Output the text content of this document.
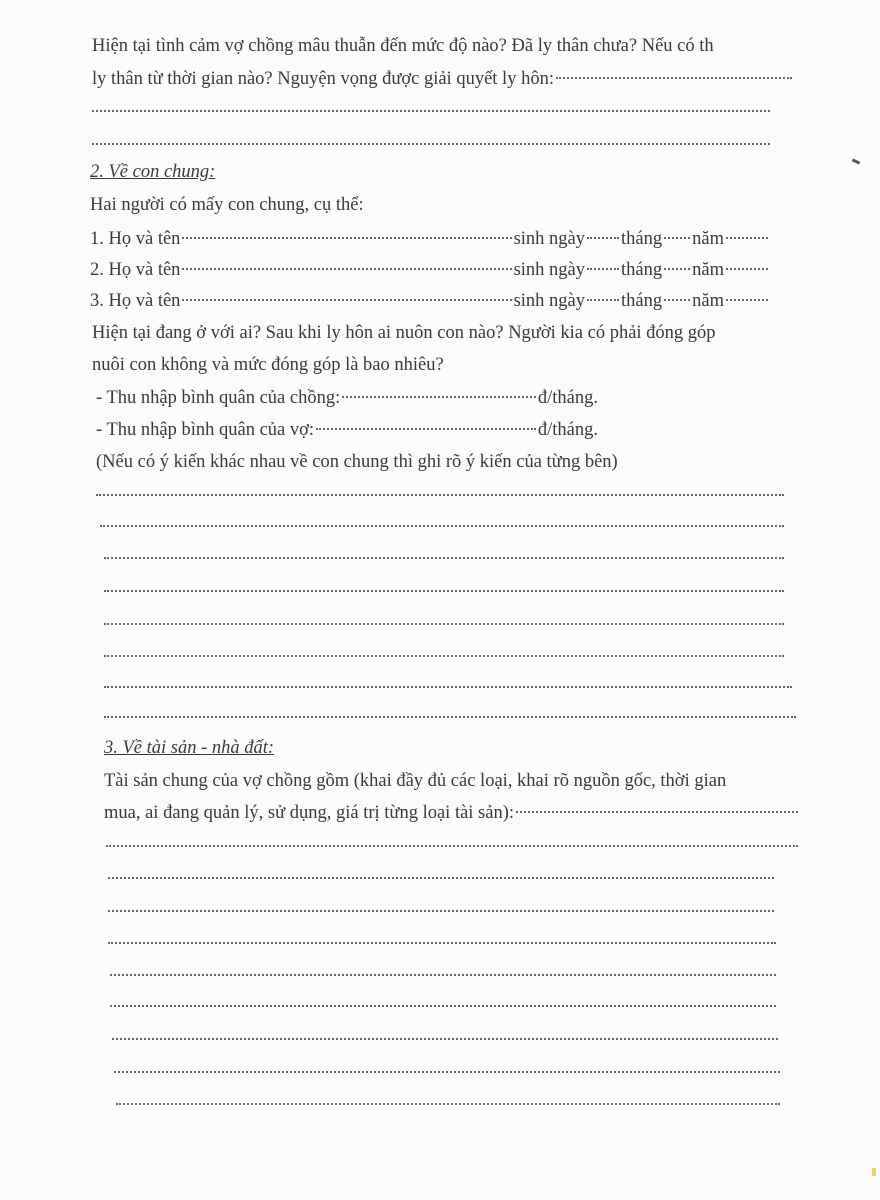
Hiện tại tình cảm vợ chồng mâu thuẫn đến mức độ nào? Đã ly thân chưa? Nếu có th
ly thân từ thời gian nào? Nguyện vọng được giải quyết ly hôn:
2. Về con chung:
Hai người có mấy con chung, cụ thể:
1. Họ và tên	sinh ngày tháng năm
2. Họ và tên	sinh ngày tháng năm
3. Họ và tên	sinh ngày tháng năm
Hiện tại đang ở với ai? Sau khi ly hôn ai nuôn con nào? Người kia có phải đóng góp
nuôi con không và mức đóng góp là bao nhiêu?
- Thu nhập bình quân của chồng:	đ/tháng.
- Thu nhập bình quân của vợ:	đ/tháng.
(Nếu có ý kiến khác nhau về con chung thì ghi rõ ý kiến của từng bên)
3. Về tài sản - nhà đất:
Tài sản chung của vợ chồng gồm (khai đầy đủ các loại, khai rõ nguồn gốc, thời gian
mua, ai đang quản lý, sử dụng, giá trị từng loại tài sản):
